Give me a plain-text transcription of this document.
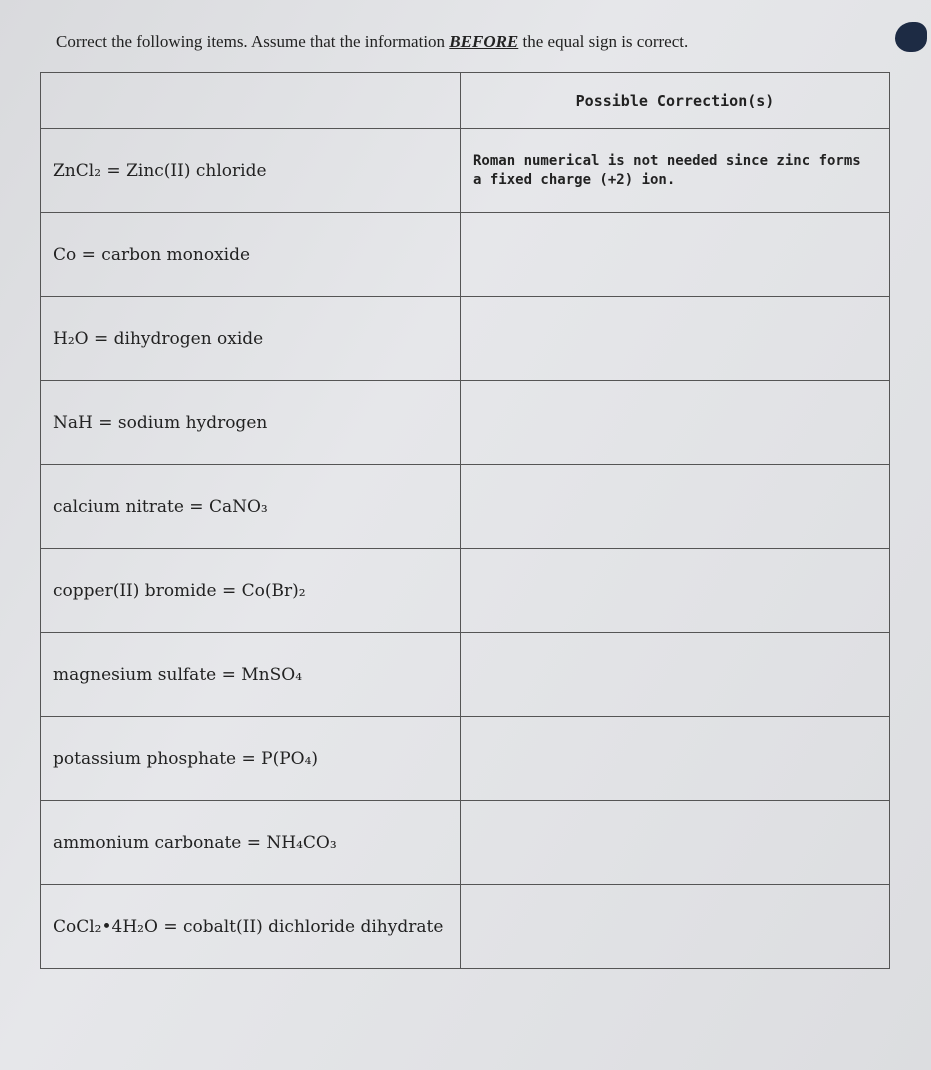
Correct the following items. Assume that the information BEFORE the equal sign is correct.
	Possible Correction(s)
ZnCl₂ = Zinc(II) chloride	Roman numerical is not needed since zinc forms a fixed charge (+2) ion.
Co = carbon monoxide	
H₂O = dihydrogen oxide	
NaH = sodium hydrogen	
calcium nitrate = CaNO₃	
copper(II) bromide = Co(Br)₂	
magnesium sulfate = MnSO₄	
potassium phosphate = P(PO₄)	
ammonium carbonate = NH₄CO₃	
CoCl₂•4H₂O = cobalt(II) dichloride dihydrate	
